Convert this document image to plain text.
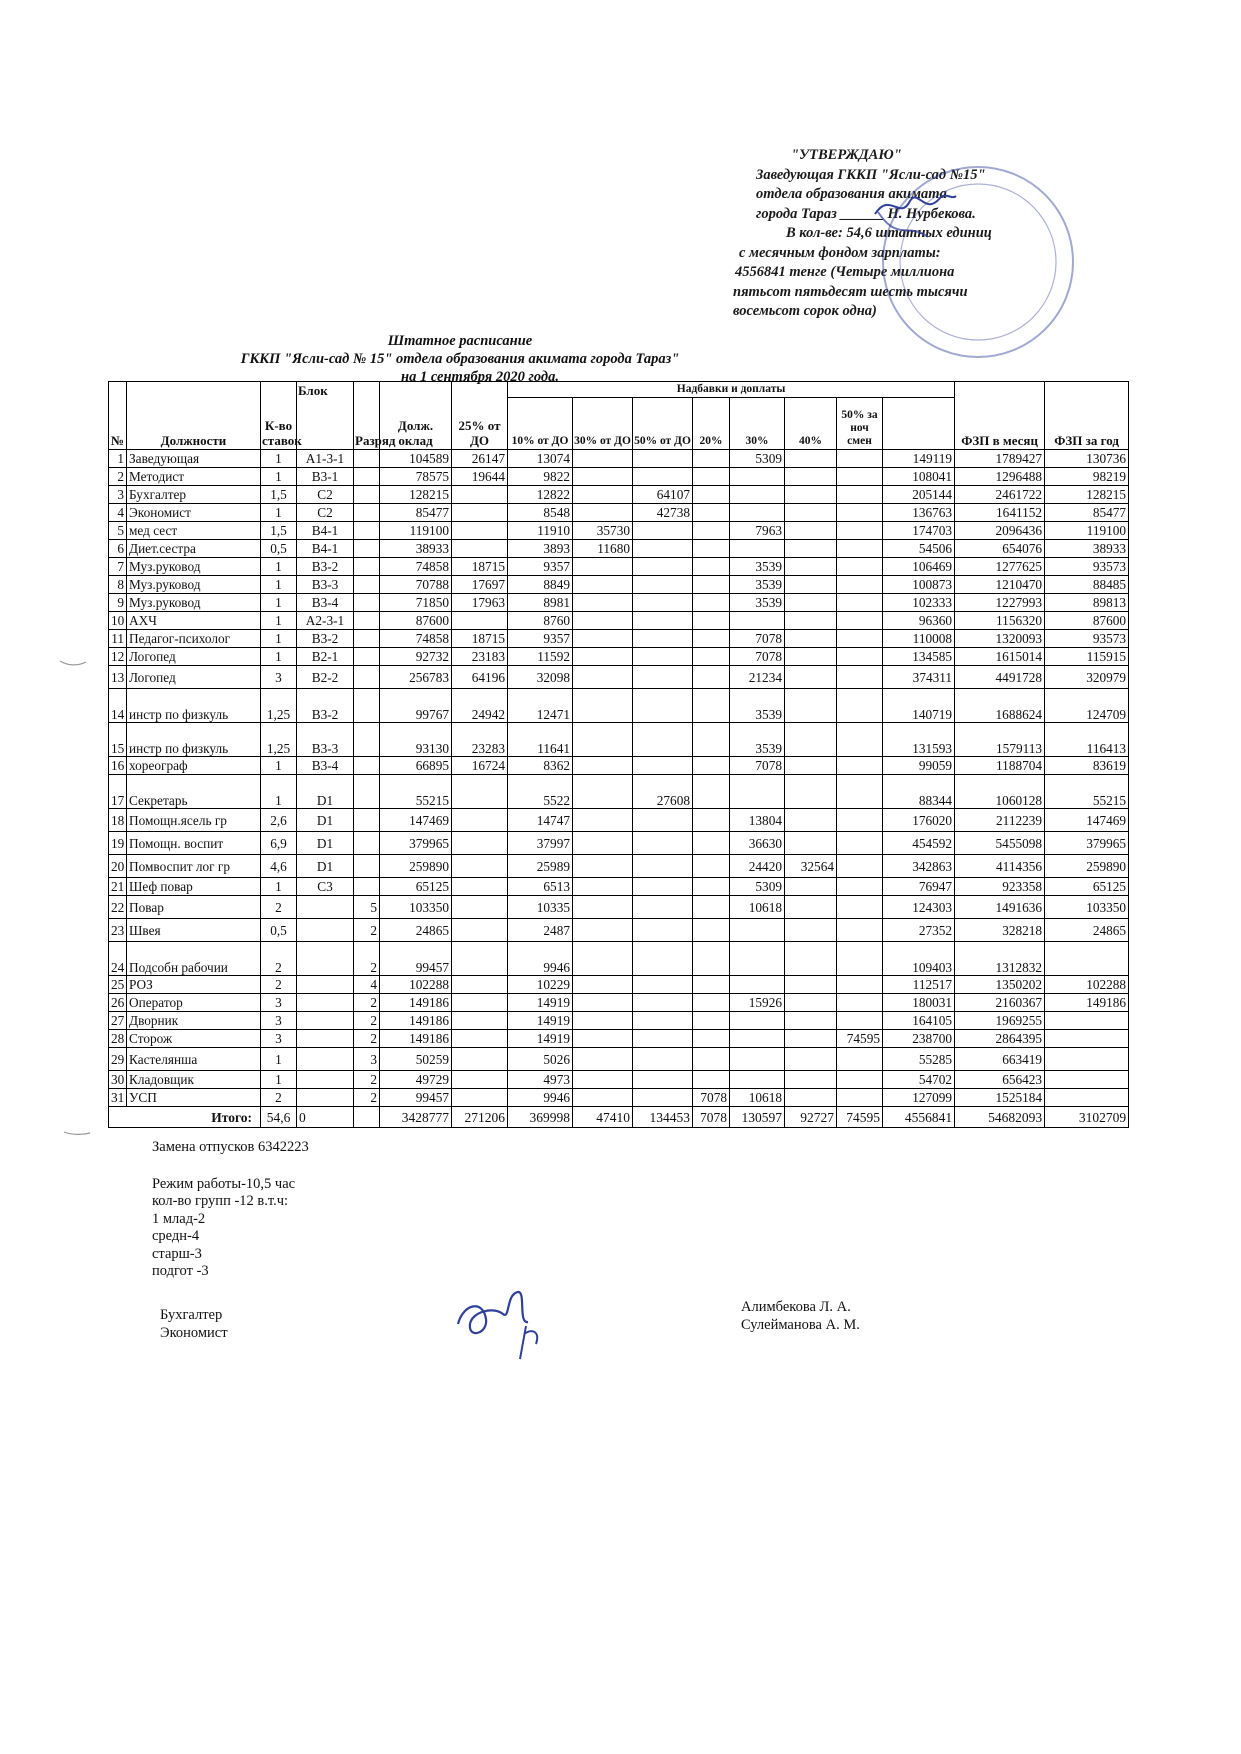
"УТВЕРЖДАЮ"
Заведующая ГККП "Ясли-сад №15"
отдела образования акимата
города Тараз ______ Н. Нурбекова.
В кол-ве: 54,6 штатных единиц
с месячным фондом зарплаты:
4556841 тенге (Четыре миллиона
пятьсот пятьдесят шесть тысячи
восемьсот сорок одна)
Штатное расписание
ГККП "Ясли-сад № 15" отдела образования акимата города Тараз"
на 1 сентября 2020 года.
№	Должности	К-во ставок	Блок	Разряд	Долж. оклад	25% от ДО	Надбавки и доплаты								ФЗП в месяц	ФЗП за год	
							10% от ДО	30% от ДО	50% от ДО	20%	30%	40%	50% за ноч смен				
1	Заведующая	1	А1-3-1		104589	26147	13074				5309			149119	1789427	130736	
2	Методист	1	В3-1		78575	19644	9822							108041	1296488	98219	
3	Бухгалтер	1,5	С2		128215		12822		64107					205144	2461722	128215	
4	Экономист	1	С2		85477		8548		42738					136763	1641152	85477	
5	мед сест	1,5	В4-1		119100		11910	35730			7963			174703	2096436	119100	
6	Диет.сестра	0,5	В4-1		38933		3893	11680						54506	654076	38933	
7	Муз.руковод	1	В3-2		74858	18715	9357				3539			106469	1277625	93573	
8	Муз.руковод	1	В3-3		70788	17697	8849				3539			100873	1210470	88485	
9	Муз.руковод	1	В3-4		71850	17963	8981				3539			102333	1227993	89813	
10	АХЧ	1	А2-3-1		87600		8760							96360	1156320	87600	
11	Педагог-психолог	1	В3-2		74858	18715	9357				7078			110008	1320093	93573	
12	Логопед	1	В2-1		92732	23183	11592				7078			134585	1615014	115915	
13	Логопед	3	В2-2		256783	64196	32098				21234			374311	4491728	320979	
14	инстр по физкуль	1,25	В3-2		99767	24942	12471				3539			140719	1688624	124709	
15	инстр по физкуль	1,25	В3-3		93130	23283	11641				3539			131593	1579113	116413	
16	хореограф	1	В3-4		66895	16724	8362				7078			99059	1188704	83619	
17	Секретарь	1	D1		55215		5522		27608					88344	1060128	55215	
18	Помощн.ясель гр	2,6	D1		147469		14747				13804			176020	2112239	147469	
19	Помощн. воспит	6,9	D1		379965		37997				36630			454592	5455098	379965	
20	Помвоспит лог гр	4,6	D1		259890		25989				24420	32564		342863	4114356	259890	
21	Шеф повар	1	С3		65125		6513				5309			76947	923358	65125	
22	Повар	2		5	103350		10335				10618			124303	1491636	103350	
23	Швея	0,5		2	24865		2487							27352	328218	24865	
24	Подсобн рабочии	2		2	99457		9946							109403	1312832		
25	РОЗ	2		4	102288		10229							112517	1350202	102288	
26	Оператор	3		2	149186		14919				15926			180031	2160367	149186	
27	Дворник	3		2	149186		14919							164105	1969255		
28	Сторож	3		2	149186		14919						74595	238700	2864395		
29	Кастелянша	1		3	50259		5026							55285	663419		
30	Кладовщик	1		2	49729		4973							54702	656423		
31	УСП	2		2	99457		9946			7078	10618			127099	1525184		
Итого:		54,6	0		3428777	271206	369998	47410	134453	7078	130597	92727	74595	4556841	54682093	3102709	
Замена отпусков 6342223
Режим работы-10,5 час
кол-во групп -12 в.т.ч:
1 млад-2
средн-4
старш-3
подгот -3
Бухгалтер
Экономист
Алимбекова Л. А.
Сулейманова А. М.
